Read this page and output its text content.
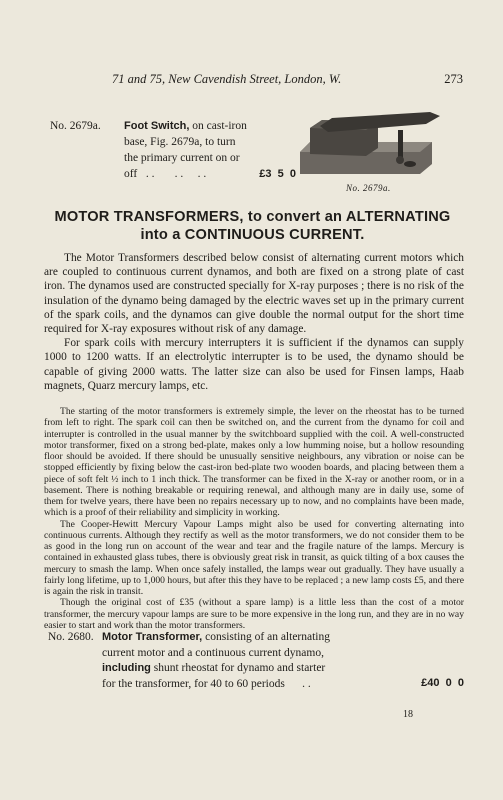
71 and 75, New Cavendish Street, London, W.	273
No. 2679a. Foot Switch, on cast-iron
base, Fig. 2679a, to turn
the primary current on or
off   . .       . .     . .	£3  5  0
No. 2679a.
MOTOR TRANSFORMERS, to convert an ALTERNATING
into a CONTINUOUS CURRENT.

The Motor Transformers described below consist of alternating current motors which are coupled to continuous current dynamos, and both are fixed on a strong plate of cast iron. The dynamos used are constructed specially for X-ray purposes ; there is no risk of the insulation of the dynamo being damaged by the electric waves set up in the primary current of the spark coils, and the dynamos can give double the normal output for the short time required for X-ray exposures without risk of any damage.

For spark coils with mercury interrupters it is sufficient if the dynamos can supply 1000 to 1200 watts. If an electrolytic interrupter is to be used, the dynamo should be capable of giving 2000 watts. The latter size can also be used for Finsen lamps, Haab magnets, Quarz mercury lamps, etc.

The starting of the motor transformers is extremely simple, the lever on the rheostat has to be turned from left to right. The spark coil can then be switched on, and the current from the dynamo for coil and interrupter is controlled in the usual manner by the switchboard supplied with the coil. A well-constructed motor transformer, fixed on a strong bed-plate, makes only a low humming noise, but a hollow resounding floor should be avoided. If there should be unusually sensitive neighbours, any vibration or noise can be stopped efficiently by fixing below the cast-iron bed-plate two wooden boards, and placing between them a piece of soft felt ½ inch to 1 inch thick. The transformer can be fixed in the X-ray or another room, or in a basement. There is nothing breakable or requiring renewal, and although many are in daily use, some of them for twelve years, there have been no repairs necessary up to now, and no complaints have been made, which is a proof of their reliability and simplicity in working.

The Cooper-Hewitt Mercury Vapour Lamps might also be used for converting alternating into continuous currents. Although they rectify as well as the motor transformers, we do not consider them to be as good in the long run on account of the wear and tear and the fragile nature of the lamps. Mercury is contained in exhausted glass tubes, there is obviously great risk in transit, as quick tilting of a box causes the mercury to smash the lamp. When once safely installed, the lamps wear out gradually. They have usually a fairly long lifetime, up to 1,000 hours, but after this they have to be replaced ; a new lamp costs £5, and there is again the risk in transit.

Though the original cost of £35 (without a spare lamp) is a little less than the cost of a motor transformer, the mercury vapour lamps are sure to be more expensive in the long run, and they are in no way easier to start and work than the motor transformers.

No. 2680. Motor Transformer, consisting of an alternating
current motor and a continuous current dynamo,
including shunt rheostat for dynamo and starter
for the transformer, for 40 to 60 periods      . .	£40  0  0
18
